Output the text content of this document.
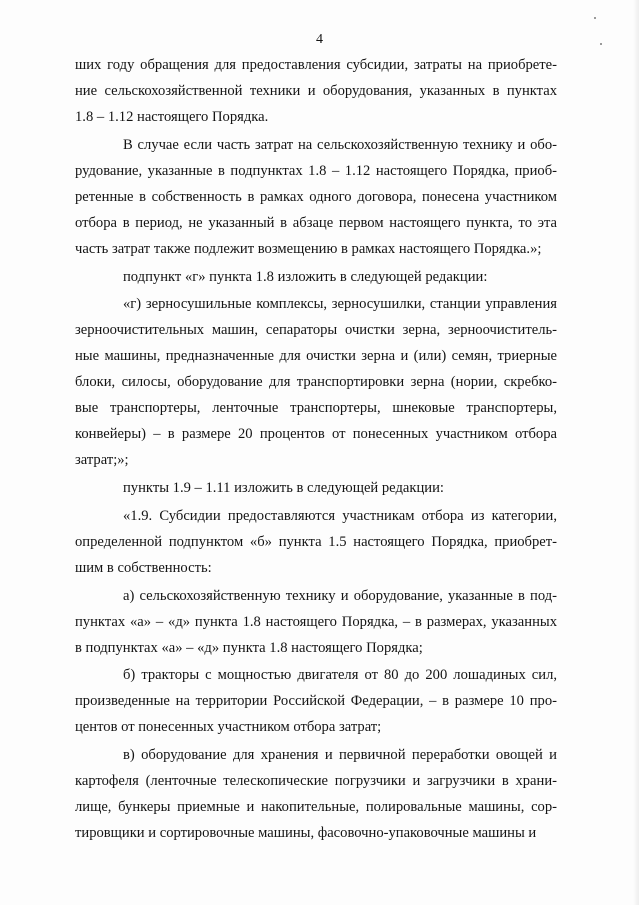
4
ших году обращения для предоставления субсидии, затраты на приобрете-
ние сельскохозяйственной техники и оборудования, указанных в пунктах
1.8 – 1.12 настоящего Порядка.
В случае если часть затрат на сельскохозяйственную технику и обо-
рудование, указанные в подпунктах 1.8 – 1.12 настоящего Порядка, приоб-
ретенные в собственность в рамках одного договора, понесена участником
отбора в период, не указанный в абзаце первом настоящего пункта, то эта
часть затрат также подлежит возмещению в рамках настоящего Порядка.»;
подпункт «г» пункта 1.8 изложить в следующей редакции:
«г) зерносушильные комплексы, зерносушилки, станции управления
зерноочистительных машин, сепараторы очистки зерна, зерноочиститель-
ные машины, предназначенные для очистки зерна и (или) семян, триерные
блоки, силосы, оборудование для транспортировки зерна (нории, скребко-
вые транспортеры, ленточные транспортеры, шнековые транспортеры,
конвейеры) – в размере 20 процентов от понесенных участником отбора
затрат;»;
пункты 1.9 – 1.11 изложить в следующей редакции:
«1.9. Субсидии предоставляются участникам отбора из категории,
определенной подпунктом «б» пункта 1.5 настоящего Порядка, приобрет-
шим в собственность:
а) сельскохозяйственную технику и оборудование, указанные в под-
пунктах «а» – «д» пункта 1.8 настоящего Порядка, – в размерах, указанных
в подпунктах «а» – «д» пункта 1.8 настоящего Порядка;
б) тракторы с мощностью двигателя от 80 до 200 лошадиных сил,
произведенные на территории Российской Федерации, – в размере 10 про-
центов от понесенных участником отбора затрат;
в) оборудование для хранения и первичной переработки овощей и
картофеля (ленточные телескопические погрузчики и загрузчики в храни-
лище, бункеры приемные и накопительные, полировальные машины, сор-
тировщики и сортировочные машины, фасовочно-упаковочные машины и
